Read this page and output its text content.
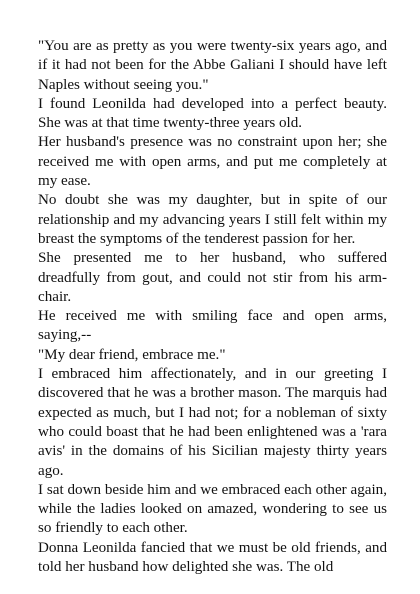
"You are as pretty as you were twenty-six years ago, and if it had not been for the Abbe Galiani I should have left Naples without seeing you."

I found Leonilda had developed into a perfect beauty. She was at that time twenty-three years old.

Her husband's presence was no constraint upon her; she received me with open arms, and put me completely at my ease.

No doubt she was my daughter, but in spite of our relationship and my advancing years I still felt within my breast the symptoms of the tenderest passion for her.

She presented me to her husband, who suffered dreadfully from gout, and could not stir from his arm-chair.

He received me with smiling face and open arms, saying,--

"My dear friend, embrace me."

I embraced him affectionately, and in our greeting I discovered that he was a brother mason. The marquis had expected as much, but I had not; for a nobleman of sixty who could boast that he had been enlightened was a 'rara avis' in the domains of his Sicilian majesty thirty years ago.

I sat down beside him and we embraced each other again, while the ladies looked on amazed, wondering to see us so friendly to each other.

Donna Leonilda fancied that we must be old friends, and told her husband how delighted she was. The old
